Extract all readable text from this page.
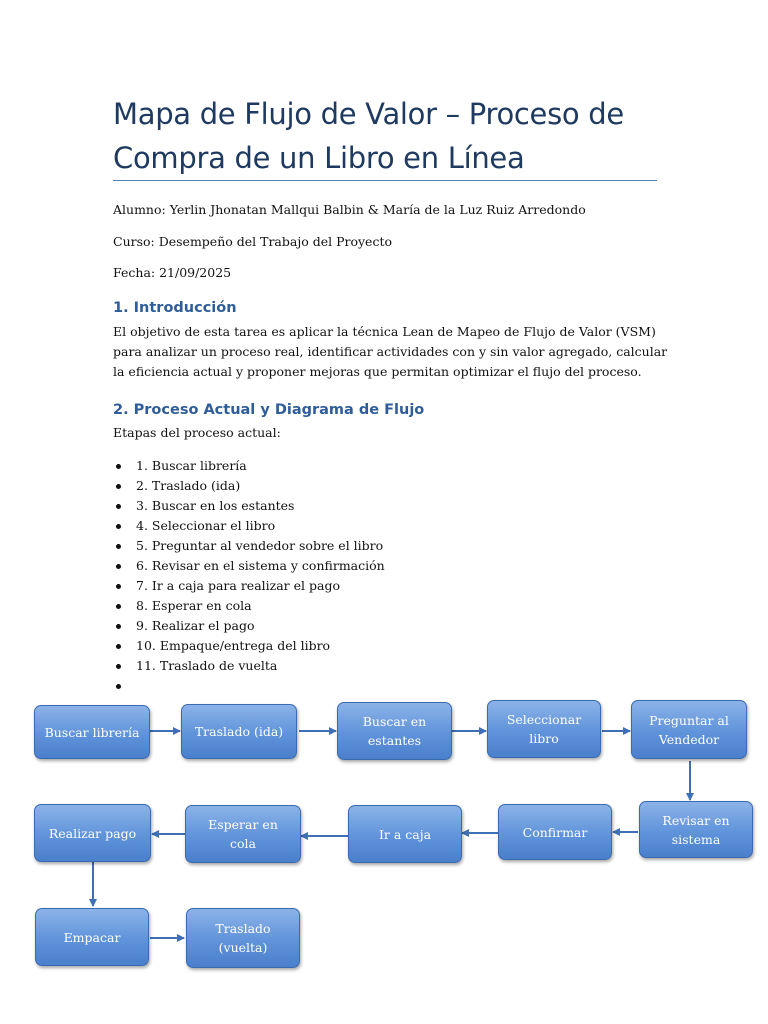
Mapa de Flujo de Valor – Proceso de Compra de un Libro en Línea

Alumno: Yerlin Jhonatan Mallqui Balbin & María de la Luz Ruiz Arredondo

Curso: Desempeño del Trabajo del Proyecto

Fecha: 21/09/2025

1. Introducción

El objetivo de esta tarea es aplicar la técnica Lean de Mapeo de Flujo de Valor (VSM) para analizar un proceso real, identificar actividades con y sin valor agregado, calcular la eficiencia actual y proponer mejoras que permitan optimizar el flujo del proceso.

2. Proceso Actual y Diagrama de Flujo

Etapas del proceso actual:

1. Buscar librería
2. Traslado (ida)
3. Buscar en los estantes
4. Seleccionar el libro
5. Preguntar al vendedor sobre el libro
6. Revisar en el sistema y confirmación
7. Ir a caja para realizar el pago
8. Esperar en cola
9. Realizar el pago
10. Empaque/entrega del libro
11. Traslado de vuelta
Buscar librería	Traslado (ida)
Buscar en estantes
Seleccionar libro
Preguntar al Vendedor
Revisar en sistema
Confirmar
Ir a caja
Esperar en cola
Realizar pago
Empacar
Traslado (vuelta)
